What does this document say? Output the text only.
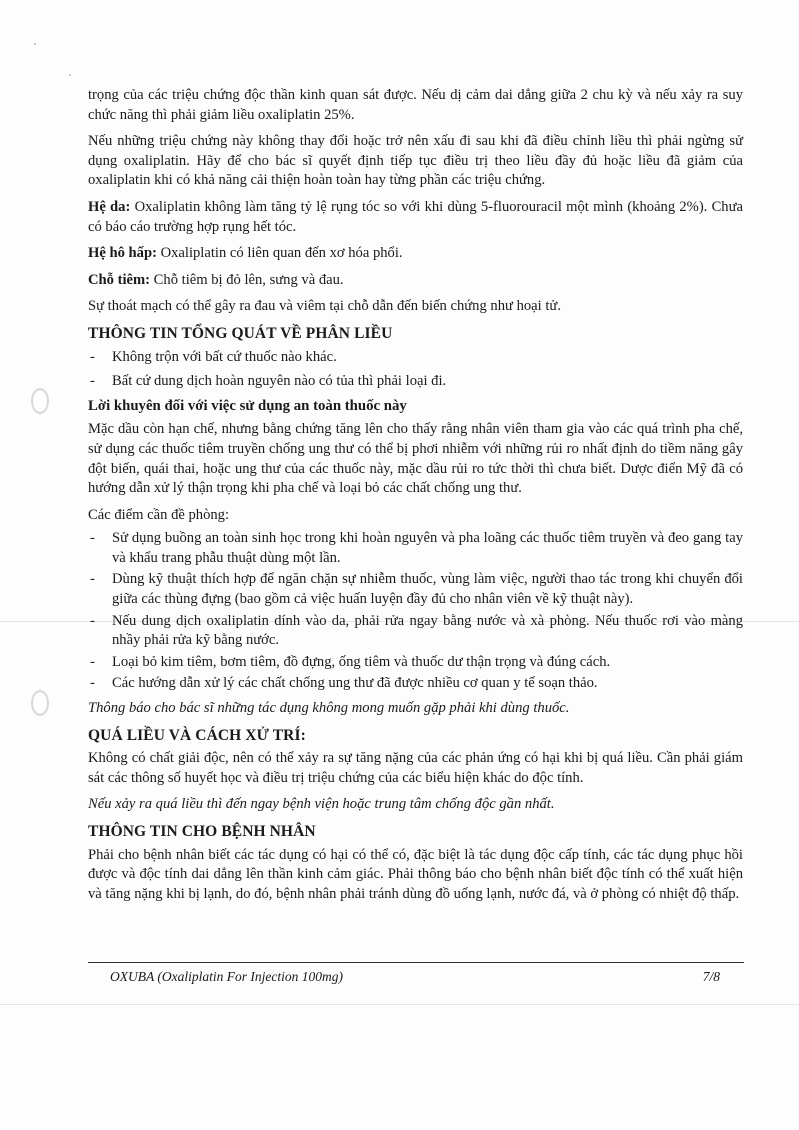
trọng của các triệu chứng độc thần kinh quan sát được. Nếu dị cảm dai dẳng giữa 2 chu kỳ và nếu xảy ra suy chức năng thì phải giảm liều oxaliplatin 25%.

Nếu những triệu chứng này không thay đổi hoặc trở nên xấu đi sau khi đã điều chỉnh liều thì phải ngừng sử dụng oxaliplatin. Hãy để cho bác sĩ quyết định tiếp tục điều trị theo liều đầy đủ hoặc liều đã giảm của oxaliplatin khi có khả năng cải thiện hoàn toàn hay từng phần các triệu chứng.

Hệ da: Oxaliplatin không làm tăng tỷ lệ rụng tóc so với khi dùng 5-fluorouracil một mình (khoảng 2%). Chưa có báo cáo trường hợp rụng hết tóc.

Hệ hô hấp: Oxaliplatin có liên quan đến xơ hóa phổi.

Chỗ tiêm: Chỗ tiêm bị đỏ lên, sưng và đau.

Sự thoát mạch có thể gây ra đau và viêm tại chỗ dẫn đến biến chứng như hoại tử.

THÔNG TIN TỔNG QUÁT VỀ PHÂN LIỀU
- Không trộn với bất cứ thuốc nào khác.
- Bất cứ dung dịch hoàn nguyên nào có tủa thì phải loại đi.
Lời khuyên đối với việc sử dụng an toàn thuốc này

Mặc dầu còn hạn chế, nhưng bằng chứng tăng lên cho thấy rằng nhân viên tham gia vào các quá trình pha chế, sử dụng các thuốc tiêm truyền chống ung thư có thể bị phơi nhiễm với những rủi ro nhất định do tiềm năng gây đột biến, quái thai, hoặc ung thư của các thuốc này, mặc dầu rủi ro tức thời thì chưa biết. Dược điển Mỹ đã có hướng dẫn xử lý thận trọng khi pha chế và loại bỏ các chất chống ung thư.

Các điểm cần đề phòng:

- Sử dụng buồng an toàn sinh học trong khi hoàn nguyên và pha loãng các thuốc tiêm truyền và đeo gang tay và khẩu trang phẫu thuật dùng một lần.
- Dùng kỹ thuật thích hợp để ngăn chặn sự nhiễm thuốc, vùng làm việc, người thao tác trong khi chuyển đổi giữa các thùng đựng (bao gồm cả việc huấn luyện đầy đủ cho nhân viên về kỹ thuật này).
- Nếu dung dịch oxaliplatin dính vào da, phải rửa ngay bằng nước và xà phòng. Nếu thuốc rơi vào màng nhầy phải rửa kỹ bằng nước.
- Loại bỏ kim tiêm, bơm tiêm, đồ đựng, ống tiêm và thuốc dư thận trọng và đúng cách.
- Các hướng dẫn xử lý các chất chống ung thư đã được nhiều cơ quan y tế soạn thảo.

Thông báo cho bác sĩ những tác dụng không mong muốn gặp phải khi dùng thuốc.

QUÁ LIỀU VÀ CÁCH XỬ TRÍ:

Không có chất giải độc, nên có thể xảy ra sự tăng nặng của các phản ứng có hại khi bị quá liều. Cần phải giám sát các thông số huyết học và điều trị triệu chứng của các biểu hiện khác do độc tính.

Nếu xảy ra quá liều thì đến ngay bệnh viện hoặc trung tâm chống độc gần nhất.

THÔNG TIN CHO BỆNH NHÂN

Phải cho bệnh nhân biết các tác dụng có hại có thể có, đặc biệt là tác dụng độc cấp tính, các tác dụng phục hồi được và độc tính dai dẳng lên thần kinh cảm giác. Phải thông báo cho bệnh nhân biết độc tính có thể xuất hiện và tăng nặng khi bị lạnh, do đó, bệnh nhân phải tránh dùng đồ uống lạnh, nước đá, và ở phòng có nhiệt độ thấp.

OXUBA (Oxaliplatin For Injection 100mg)	7/8
